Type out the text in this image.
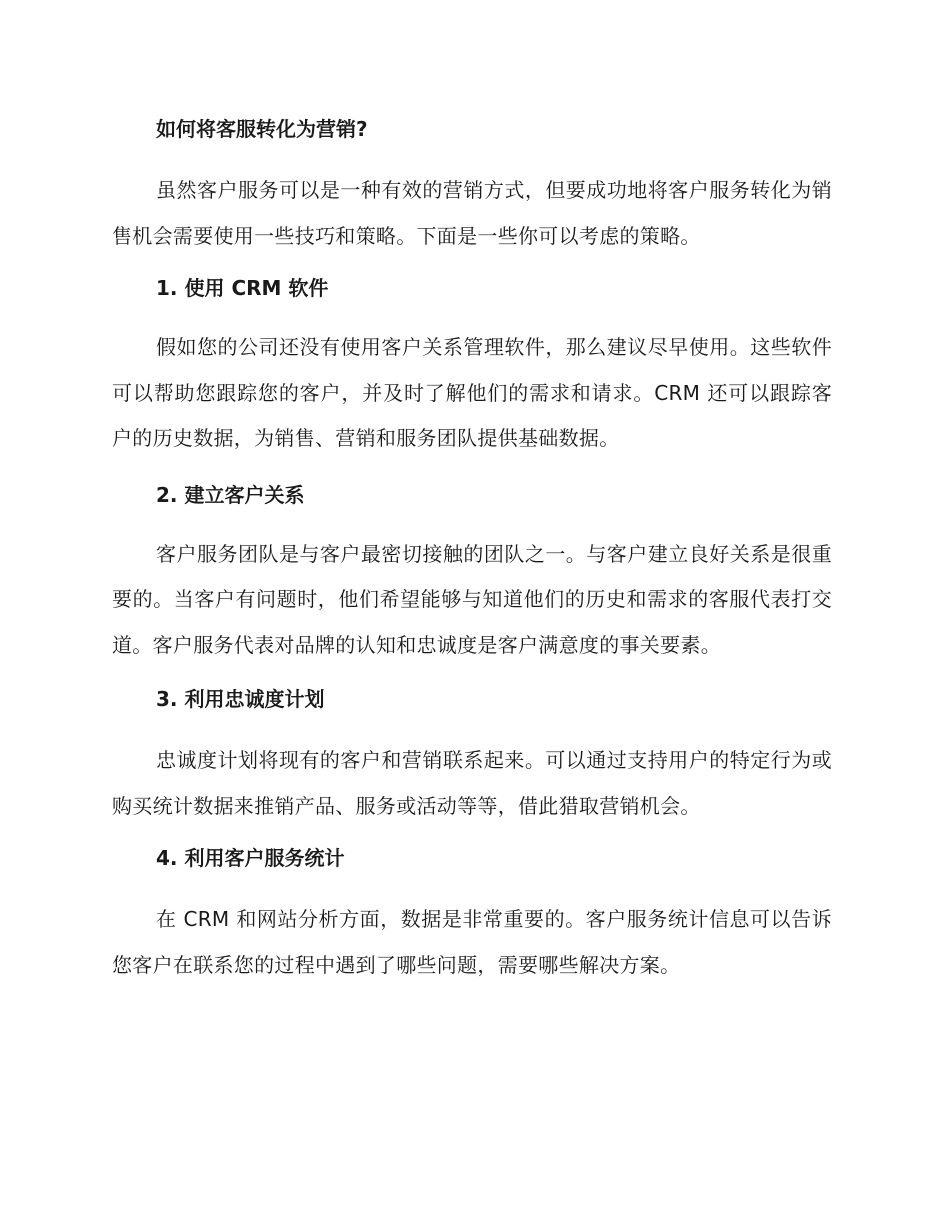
如何将客服转化为营销?

虽然客户服务可以是一种有效的营销方式，但要成功地将客户服务转化为销售机会需要使用一些技巧和策略。下面是一些你可以考虑的策略。

1. 使用 CRM 软件

假如您的公司还没有使用客户关系管理软件，那么建议尽早使用。这些软件可以帮助您跟踪您的客户，并及时了解他们的需求和请求。CRM 还可以跟踪客户的历史数据，为销售、营销和服务团队提供基础数据。

2. 建立客户关系

客户服务团队是与客户最密切接触的团队之一。与客户建立良好关系是很重要的。当客户有问题时，他们希望能够与知道他们的历史和需求的客服代表打交道。客户服务代表对品牌的认知和忠诚度是客户满意度的事关要素。

3. 利用忠诚度计划

忠诚度计划将现有的客户和营销联系起来。可以通过支持用户的特定行为或购买统计数据来推销产品、服务或活动等等，借此猎取营销机会。

4. 利用客户服务统计

在 CRM 和网站分析方面，数据是非常重要的。客户服务统计信息可以告诉您客户在联系您的过程中遇到了哪些问题，需要哪些解决方案。
